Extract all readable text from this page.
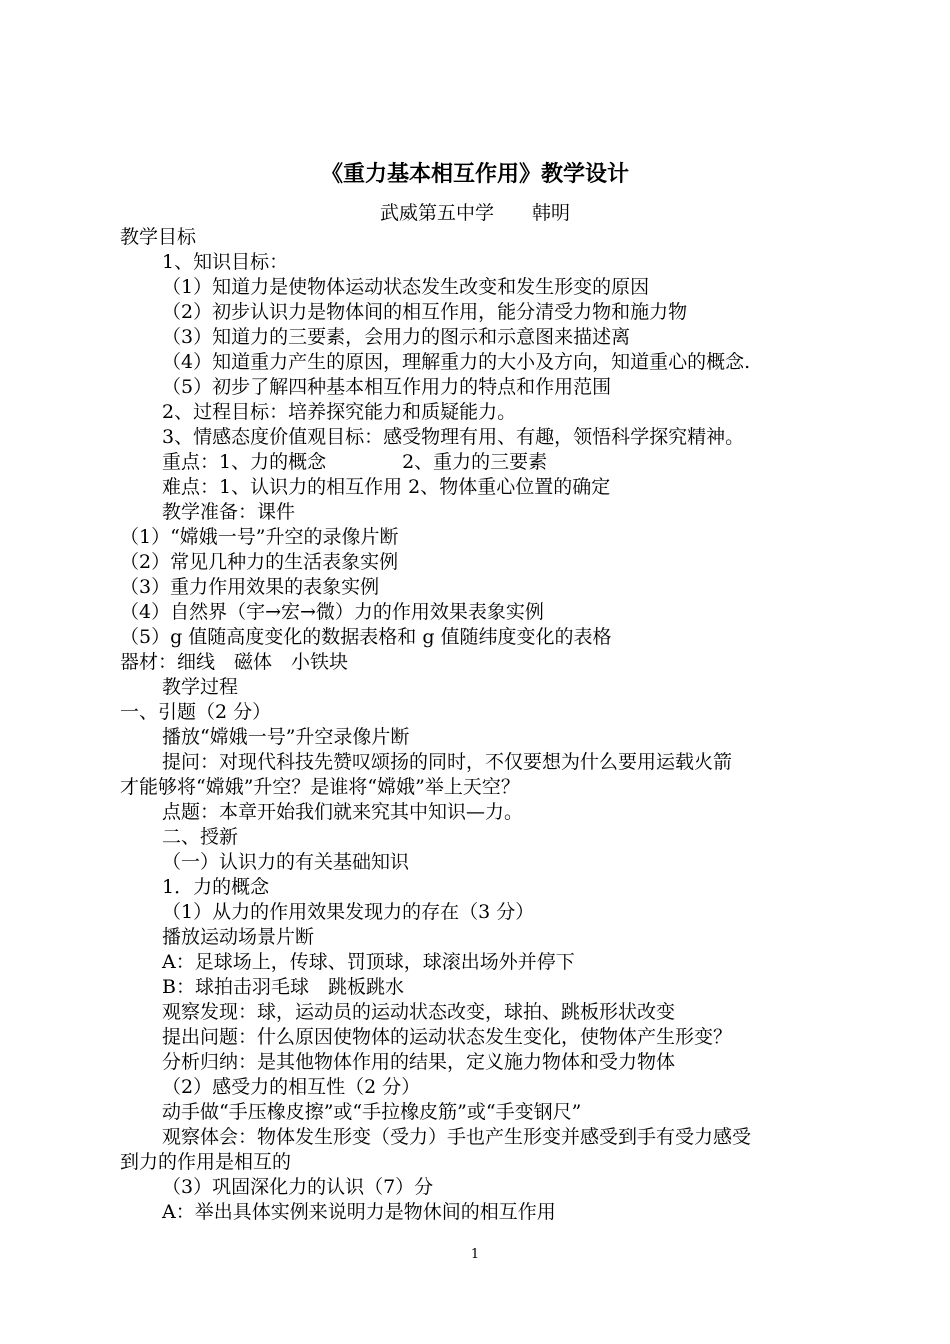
《重力基本相互作用》教学设计
武威第五中学　　韩明
教学目标
1、知识目标：
（1）知道力是使物体运动状态发生改变和发生形变的原因
（2）初步认识力是物体间的相互作用，能分清受力物和施力物
（3）知道力的三要素，会用力的图示和示意图来描述离
（4）知道重力产生的原因，理解重力的大小及方向，知道重心的概念.
（5）初步了解四种基本相互作用力的特点和作用范围
2、过程目标：培养探究能力和质疑能力。
3、情感态度价值观目标：感受物理有用、有趣，领悟科学探究精神。
重点：1、力的概念　　　　2、重力的三要素
难点：1、认识力的相互作用 2、物体重心位置的确定
教学准备：课件
（1）“嫦娥一号”升空的录像片断
（2）常见几种力的生活表象实例
（3）重力作用效果的表象实例
（4）自然界（宇→宏→微）力的作用效果表象实例
（5）g 值随高度变化的数据表格和 g 值随纬度变化的表格
器材：细线　磁体　小铁块
教学过程
一、引题（2 分）
播放“嫦娥一号”升空录像片断
提问：对现代科技先赞叹颂扬的同时，不仅要想为什么要用运载火箭
才能够将“嫦娥”升空？是谁将“嫦娥”举上天空？
点题：本章开始我们就来究其中知识—力。
二、授新
（一）认识力的有关基础知识
1．力的概念
（1）从力的作用效果发现力的存在（3 分）
播放运动场景片断
A：足球场上，传球、罚顶球，球滚出场外并停下
B：球拍击羽毛球　跳板跳水
观察发现：球，运动员的运动状态改变，球拍、跳板形状改变
提出问题：什么原因使物体的运动状态发生变化，使物体产生形变？
分析归纳：是其他物体作用的结果，定义施力物体和受力物体
（2）感受力的相互性（2 分）
动手做“手压橡皮擦”或“手拉橡皮筋”或“手变钢尺”
观察体会：物体发生形变（受力）手也产生形变并感受到手有受力感受
到力的作用是相互的
（3）巩固深化力的认识（7）分
A：举出具体实例来说明力是物休间的相互作用
1
